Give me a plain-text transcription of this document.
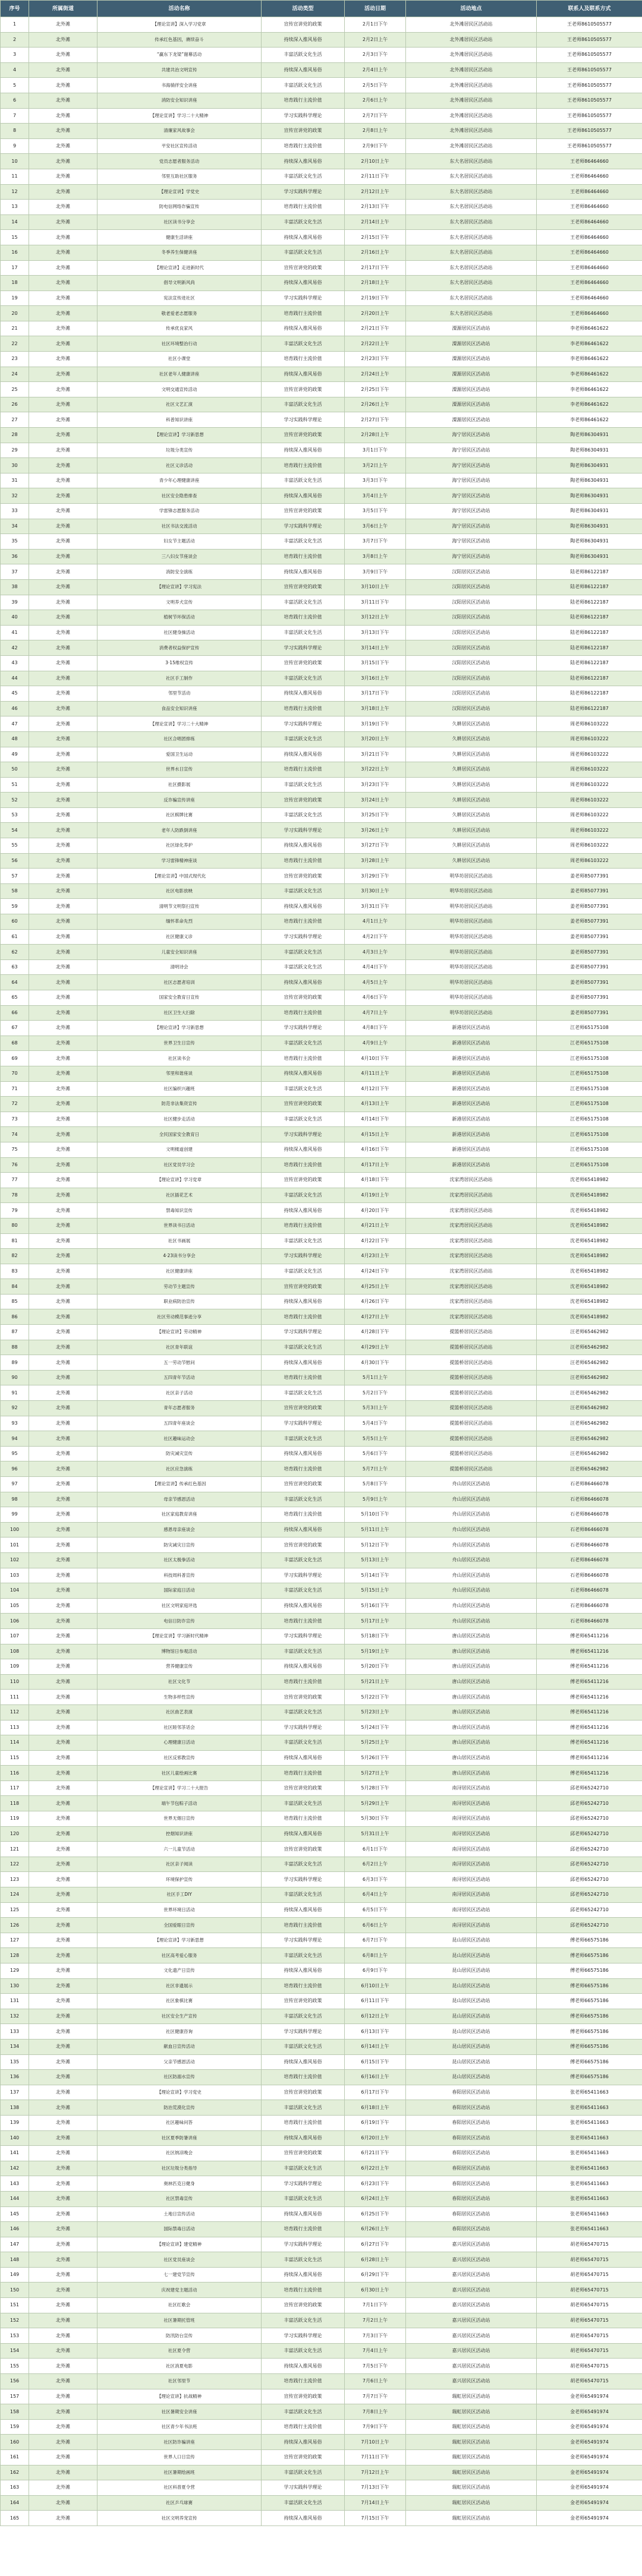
序号	所属街道	活动名称	活动类型	活动日期	活动地点	联系人及联系方式
1	北外滩	【理论宣讲】深入学习党章	宣传宣讲党的政策	2月1日下午	北外滩居民区活动站	王老师8610505577
2	北外滩	传承红色基因，赓续奋斗	持续深入推风易俗	2月2日上午	北外滩居民区活动站	王老师8610505577
3	北外滩	“赢东下龙梁”谢幕活动	丰富活跃文化生活	2月3日下午	北外滩居民区活动站	王老师8610505577
4	北外滩	共建共治文明宣传	持续深入推风易俗	2月4日上午	北外滩居民区活动站	王老师8610505577
5	北外滩	书海徜徉安全讲座	丰富活跃文化生活	2月5日下午	北外滩居民区活动站	王老师8610505577
6	北外滩	消防安全知识讲座	培育践行主流价值	2月6日上午	北外滩居民区活动站	王老师8610505577
7	北外滩	【理论宣讲】学习二十大精神	学习实践科学理论	2月7日下午	北外滩居民区活动站	王老师8610505577
8	北外滩	清廉家风故事会	宣传宣讲党的政策	2月8日上午	北外滩居民区活动站	王老师8610505577
9	北外滩	平安社区宣传活动	培育践行主流价值	2月9日下午	北外滩居民区活动站	王老师8610505577
10	北外滩	党员志愿者服务活动	持续深入推风易俗	2月10日上午	东大名居民区活动站	王老师86464660
11	北外滩	邻里互助社区服务	丰富活跃文化生活	2月11日下午	东大名居民区活动站	王老师86464660
12	北外滩	【理论宣讲】学党史	学习实践科学理论	2月12日上午	东大名居民区活动站	王老师86464660
13	北外滩	防电信网络诈骗宣传	培育践行主流价值	2月13日下午	东大名居民区活动站	王老师86464660
14	北外滩	社区读书分享会	丰富活跃文化生活	2月14日上午	东大名居民区活动站	王老师86464660
15	北外滩	健康生活讲座	持续深入推风易俗	2月15日下午	东大名居民区活动站	王老师86464660
16	北外滩	冬季养生保健讲座	丰富活跃文化生活	2月16日上午	东大名居民区活动站	王老师86464660
17	北外滩	【理论宣讲】走进新时代	宣传宣讲党的政策	2月17日下午	东大名居民区活动站	王老师86464660
18	北外滩	倡导文明新风尚	持续深入推风易俗	2月18日上午	东大名居民区活动站	王老师86464660
19	北外滩	宪法宣传进社区	学习实践科学理论	2月19日下午	东大名居民区活动站	王老师86464660
20	北外滩	敬老爱老志愿服务	培育践行主流价值	2月20日上午	东大名居民区活动站	王老师86464660
21	北外滩	传承优良家风	持续深入推风易俗	2月21日下午	溧源居民区活动站	李老师86461622
22	北外滩	社区环境整治行动	丰富活跃文化生活	2月22日上午	溧源居民区活动站	李老师86461622
23	北外滩	社区小课堂	培育践行主流价值	2月23日下午	溧源居民区活动站	李老师86461622
24	北外滩	社区老年人健康讲座	持续深入推风易俗	2月24日上午	溧源居民区活动站	李老师86461622
25	北外滩	文明交通宣传活动	宣传宣讲党的政策	2月25日下午	溧源居民区活动站	李老师86461622
26	北外滩	社区文艺汇演	丰富活跃文化生活	2月26日上午	溧源居民区活动站	李老师86461622
27	北外滩	科普知识讲座	学习实践科学理论	2月27日下午	溧源居民区活动站	李老师86461622
28	北外滩	【理论宣讲】学习新思想	宣传宣讲党的政策	2月28日上午	海宁居民区活动站	陶老师86304931
29	北外滩	垃圾分类宣传	持续深入推风易俗	3月1日下午	海宁居民区活动站	陶老师86304931
30	北外滩	社区义诊活动	培育践行主流价值	3月2日上午	海宁居民区活动站	陶老师86304931
31	北外滩	青少年心理健康讲座	丰富活跃文化生活	3月3日下午	海宁居民区活动站	陶老师86304931
32	北外滩	社区安全隐患排查	持续深入推风易俗	3月4日上午	海宁居民区活动站	陶老师86304931
33	北外滩	学雷锋志愿服务活动	宣传宣讲党的政策	3月5日下午	海宁居民区活动站	陶老师86304931
34	北外滩	社区书法交流活动	学习实践科学理论	3月6日上午	海宁居民区活动站	陶老师86304931
35	北外滩	妇女节主题活动	丰富活跃文化生活	3月7日下午	海宁居民区活动站	陶老师86304931
36	北外滩	三八妇女节座谈会	培育践行主流价值	3月8日上午	海宁居民区活动站	陶老师86304931
37	北外滩	消防安全演练	持续深入推风易俗	3月9日下午	汉阳居民区活动站	陆老师86122187
38	北外滩	【理论宣讲】学习宪法	宣传宣讲党的政策	3月10日上午	汉阳居民区活动站	陆老师86122187
39	北外滩	文明养犬宣传	丰富活跃文化生活	3月11日下午	汉阳居民区活动站	陆老师86122187
40	北外滩	植树节环保活动	培育践行主流价值	3月12日上午	汉阳居民区活动站	陆老师86122187
41	北外滩	社区健身操活动	丰富活跃文化生活	3月13日下午	汉阳居民区活动站	陆老师86122187
42	北外滩	消费者权益保护宣传	学习实践科学理论	3月14日上午	汉阳居民区活动站	陆老师86122187
43	北外滩	3·15维权宣传	宣传宣讲党的政策	3月15日下午	汉阳居民区活动站	陆老师86122187
44	北外滩	社区手工制作	丰富活跃文化生活	3月16日上午	汉阳居民区活动站	陆老师86122187
45	北外滩	邻里节活动	持续深入推风易俗	3月17日下午	汉阳居民区活动站	陆老师86122187
46	北外滩	食品安全知识讲座	培育践行主流价值	3月18日上午	汉阳居民区活动站	陆老师86122187
47	北外滩	【理论宣讲】学习二十大精神	学习实践科学理论	3月19日下午	久耕居民区活动站	周老师86103222
48	北外滩	社区合唱团排练	丰富活跃文化生活	3月20日上午	久耕居民区活动站	周老师86103222
49	北外滩	爱国卫生运动	持续深入推风易俗	3月21日下午	久耕居民区活动站	周老师86103222
50	北外滩	世界水日宣传	培育践行主流价值	3月22日上午	久耕居民区活动站	周老师86103222
51	北外滩	社区摄影展	丰富活跃文化生活	3月23日下午	久耕居民区活动站	周老师86103222
52	北外滩	反诈骗宣传讲座	宣传宣讲党的政策	3月24日上午	久耕居民区活动站	周老师86103222
53	北外滩	社区棋牌比赛	丰富活跃文化生活	3月25日下午	久耕居民区活动站	周老师86103222
54	北外滩	老年人防跌倒讲座	学习实践科学理论	3月26日上午	久耕居民区活动站	周老师86103222
55	北外滩	社区绿化养护	持续深入推风易俗	3月27日下午	久耕居民区活动站	周老师86103222
56	北外滩	学习雷锋精神座谈	培育践行主流价值	3月28日上午	久耕居民区活动站	周老师86103222
57	北外滩	【理论宣讲】中国式现代化	宣传宣讲党的政策	3月29日下午	明华坊居民区活动站	姜老师85077391
58	北外滩	社区电影放映	丰富活跃文化生活	3月30日上午	明华坊居民区活动站	姜老师85077391
59	北外滩	清明节文明祭扫宣传	持续深入推风易俗	3月31日下午	明华坊居民区活动站	姜老师85077391
60	北外滩	缅怀革命先烈	培育践行主流价值	4月1日上午	明华坊居民区活动站	姜老师85077391
61	北外滩	社区健康义诊	学习实践科学理论	4月2日下午	明华坊居民区活动站	姜老师85077391
62	北外滩	儿童安全知识讲座	丰富活跃文化生活	4月3日上午	明华坊居民区活动站	姜老师85077391
63	北外滩	清明诗会	丰富活跃文化生活	4月4日下午	明华坊居民区活动站	姜老师85077391
64	北外滩	社区志愿者培训	持续深入推风易俗	4月5日上午	明华坊居民区活动站	姜老师85077391
65	北外滩	国家安全教育日宣传	宣传宣讲党的政策	4月6日下午	明华坊居民区活动站	姜老师85077391
66	北外滩	社区卫生大扫除	培育践行主流价值	4月7日上午	明华坊居民区活动站	姜老师85077391
67	北外滩	【理论宣讲】学习新思想	学习实践科学理论	4月8日下午	新港居民区活动站	江老师65175108
68	北外滩	世界卫生日宣传	丰富活跃文化生活	4月9日上午	新港居民区活动站	江老师65175108
69	北外滩	社区读书会	培育践行主流价值	4月10日下午	新港居民区活动站	江老师65175108
70	北外滩	邻里和谐座谈	持续深入推风易俗	4月11日上午	新港居民区活动站	江老师65175108
71	北外滩	社区编织兴趣班	丰富活跃文化生活	4月12日下午	新港居民区活动站	江老师65175108
72	北外滩	防范非法集资宣传	宣传宣讲党的政策	4月13日上午	新港居民区活动站	江老师65175108
73	北外滩	社区健步走活动	丰富活跃文化生活	4月14日下午	新港居民区活动站	江老师65175108
74	北外滩	全民国家安全教育日	学习实践科学理论	4月15日上午	新港居民区活动站	江老师65175108
75	北外滩	文明楼道创建	持续深入推风易俗	4月16日下午	新港居民区活动站	江老师65175108
76	北外滩	社区党员学习会	培育践行主流价值	4月17日上午	新港居民区活动站	江老师65175108
77	北外滩	【理论宣讲】学习党章	宣传宣讲党的政策	4月18日下午	沈家湾居民区活动站	沈老师65418982
78	北外滩	社区插花艺术	丰富活跃文化生活	4月19日上午	沈家湾居民区活动站	沈老师65418982
79	北外滩	禁毒知识宣传	持续深入推风易俗	4月20日下午	沈家湾居民区活动站	沈老师65418982
80	北外滩	世界读书日活动	培育践行主流价值	4月21日上午	沈家湾居民区活动站	沈老师65418982
81	北外滩	社区书画展	丰富活跃文化生活	4月22日下午	沈家湾居民区活动站	沈老师65418982
82	北外滩	4·23读书分享会	学习实践科学理论	4月23日上午	沈家湾居民区活动站	沈老师65418982
83	北外滩	社区健康讲座	丰富活跃文化生活	4月24日下午	沈家湾居民区活动站	沈老师65418982
84	北外滩	劳动节主题宣传	宣传宣讲党的政策	4月25日上午	沈家湾居民区活动站	沈老师65418982
85	北外滩	职业病防治宣传	持续深入推风易俗	4月26日下午	沈家湾居民区活动站	沈老师65418982
86	北外滩	社区劳动模范事迹分享	培育践行主流价值	4月27日上午	沈家湾居民区活动站	沈老师65418982
87	北外滩	【理论宣讲】劳动精神	学习实践科学理论	4月28日下午	提篮桥居民区活动站	汪老师65462982
88	北外滩	社区青年联谊	丰富活跃文化生活	4月29日上午	提篮桥居民区活动站	汪老师65462982
89	北外滩	五一劳动节慰问	持续深入推风易俗	4月30日下午	提篮桥居民区活动站	汪老师65462982
90	北外滩	五四青年节活动	培育践行主流价值	5月1日上午	提篮桥居民区活动站	汪老师65462982
91	北外滩	社区亲子活动	丰富活跃文化生活	5月2日下午	提篮桥居民区活动站	汪老师65462982
92	北外滩	青年志愿者服务	宣传宣讲党的政策	5月3日上午	提篮桥居民区活动站	汪老师65462982
93	北外滩	五四青年座谈会	学习实践科学理论	5月4日下午	提篮桥居民区活动站	汪老师65462982
94	北外滩	社区趣味运动会	丰富活跃文化生活	5月5日上午	提篮桥居民区活动站	汪老师65462982
95	北外滩	防灾减灾宣传	持续深入推风易俗	5月6日下午	提篮桥居民区活动站	汪老师65462982
96	北外滩	社区应急演练	培育践行主流价值	5月7日上午	提篮桥居民区活动站	汪老师65462982
97	北外滩	【理论宣讲】传承红色基因	宣传宣讲党的政策	5月8日下午	舟山居民区活动站	石老师86466078
98	北外滩	母亲节感恩活动	丰富活跃文化生活	5月9日上午	舟山居民区活动站	石老师86466078
99	北外滩	社区家庭教育讲座	培育践行主流价值	5月10日下午	舟山居民区活动站	石老师86466078
100	北外滩	感恩母亲座谈会	持续深入推风易俗	5月11日上午	舟山居民区活动站	石老师86466078
101	北外滩	防灾减灾日宣传	宣传宣讲党的政策	5月12日下午	舟山居民区活动站	石老师86466078
102	北外滩	社区太极拳活动	丰富活跃文化生活	5月13日上午	舟山居民区活动站	石老师86466078
103	北外滩	科技周科普宣传	学习实践科学理论	5月14日下午	舟山居民区活动站	石老师86466078
104	北外滩	国际家庭日活动	丰富活跃文化生活	5月15日上午	舟山居民区活动站	石老师86466078
105	北外滩	社区文明家庭评选	持续深入推风易俗	5月16日下午	舟山居民区活动站	石老师86466078
106	北外滩	电信日防诈宣传	培育践行主流价值	5月17日上午	舟山居民区活动站	石老师86466078
107	北外滩	【理论宣讲】学习新时代精神	学习实践科学理论	5月18日下午	唐山居民区活动站	傅老师65411216
108	北外滩	博物馆日参观活动	丰富活跃文化生活	5月19日上午	唐山居民区活动站	傅老师65411216
109	北外滩	营养健康宣传	持续深入推风易俗	5月20日下午	唐山居民区活动站	傅老师65411216
110	北外滩	社区文化节	培育践行主流价值	5月21日上午	唐山居民区活动站	傅老师65411216
111	北外滩	生物多样性宣传	宣传宣讲党的政策	5月22日下午	唐山居民区活动站	傅老师65411216
112	北外滩	社区曲艺表演	丰富活跃文化生活	5月23日上午	唐山居民区活动站	傅老师65411216
113	北外滩	社区睦邻茶话会	学习实践科学理论	5月24日下午	唐山居民区活动站	傅老师65411216
114	北外滩	心理健康日活动	丰富活跃文化生活	5月25日上午	唐山居民区活动站	傅老师65411216
115	北外滩	社区反邪教宣传	持续深入推风易俗	5月26日下午	唐山居民区活动站	傅老师65411216
116	北外滩	社区儿童绘画比赛	培育践行主流价值	5月27日上午	唐山居民区活动站	傅老师65411216
117	北外滩	【理论宣讲】学习二十大报告	宣传宣讲党的政策	5月28日下午	南浔居民区活动站	邱老师65242710
118	北外滩	端午节包粽子活动	丰富活跃文化生活	5月29日上午	南浔居民区活动站	邱老师65242710
119	北外滩	世界无烟日宣传	培育践行主流价值	5月30日下午	南浔居民区活动站	邱老师65242710
120	北外滩	控烟知识讲座	持续深入推风易俗	5月31日上午	南浔居民区活动站	邱老师65242710
121	北外滩	六一儿童节活动	宣传宣讲党的政策	6月1日下午	南浔居民区活动站	邱老师65242710
122	北外滩	社区亲子阅读	丰富活跃文化生活	6月2日上午	南浔居民区活动站	邱老师65242710
123	北外滩	环境保护宣传	学习实践科学理论	6月3日下午	南浔居民区活动站	邱老师65242710
124	北外滩	社区手工DIY	丰富活跃文化生活	6月4日上午	南浔居民区活动站	邱老师65242710
125	北外滩	世界环境日活动	持续深入推风易俗	6月5日下午	南浔居民区活动站	邱老师65242710
126	北外滩	全国爱眼日宣传	培育践行主流价值	6月6日上午	南浔居民区活动站	邱老师65242710
127	北外滩	【理论宣讲】学习新思想	学习实践科学理论	6月7日下午	昆山居民区活动站	傅老师66575186
128	北外滩	社区高考爱心服务	丰富活跃文化生活	6月8日上午	昆山居民区活动站	傅老师66575186
129	北外滩	文化遗产日宣传	持续深入推风易俗	6月9日下午	昆山居民区活动站	傅老师66575186
130	北外滩	社区非遗展示	培育践行主流价值	6月10日上午	昆山居民区活动站	傅老师66575186
131	北外滩	社区象棋比赛	宣传宣讲党的政策	6月11日下午	昆山居民区活动站	傅老师66575186
132	北外滩	社区安全生产宣传	丰富活跃文化生活	6月12日上午	昆山居民区活动站	傅老师66575186
133	北外滩	社区健康咨询	学习实践科学理论	6月13日下午	昆山居民区活动站	傅老师66575186
134	北外滩	献血日宣传活动	丰富活跃文化生活	6月14日上午	昆山居民区活动站	傅老师66575186
135	北外滩	父亲节感恩活动	持续深入推风易俗	6月15日下午	昆山居民区活动站	傅老师66575186
136	北外滩	社区防溺水宣传	培育践行主流价值	6月16日上午	昆山居民区活动站	傅老师66575186
137	北外滩	【理论宣讲】学习党史	宣传宣讲党的政策	6月17日下午	春阳居民区活动站	张老师65411663
138	北外滩	防治荒漠化宣传	丰富活跃文化生活	6月18日上午	春阳居民区活动站	张老师65411663
139	北外滩	社区趣味问答	培育践行主流价值	6月19日下午	春阳居民区活动站	张老师65411663
140	北外滩	社区夏季防暑讲座	持续深入推风易俗	6月20日上午	春阳居民区活动站	张老师65411663
141	北外滩	社区纳凉晚会	宣传宣讲党的政策	6月21日下午	春阳居民区活动站	张老师65411663
142	北外滩	社区垃圾分类指导	丰富活跃文化生活	6月22日上午	春阳居民区活动站	张老师65411663
143	北外滩	奥林匹克日健身	学习实践科学理论	6月23日下午	春阳居民区活动站	张老师65411663
144	北外滩	社区禁毒宣传	丰富活跃文化生活	6月24日上午	春阳居民区活动站	张老师65411663
145	北外滩	土地日宣传活动	持续深入推风易俗	6月25日下午	春阳居民区活动站	张老师65411663
146	北外滩	国际禁毒日活动	培育践行主流价值	6月26日上午	春阳居民区活动站	张老师65411663
147	北外滩	【理论宣讲】建党精神	学习实践科学理论	6月27日下午	嘉兴居民区活动站	胡老师65470715
148	北外滩	社区党员座谈会	丰富活跃文化生活	6月28日上午	嘉兴居民区活动站	胡老师65470715
149	北外滩	七一建党节宣传	持续深入推风易俗	6月29日下午	嘉兴居民区活动站	胡老师65470715
150	北外滩	庆祝建党主题活动	培育践行主流价值	6月30日上午	嘉兴居民区活动站	胡老师65470715
151	北外滩	社区红歌会	宣传宣讲党的政策	7月1日下午	嘉兴居民区活动站	胡老师65470715
152	北外滩	社区暑期托管班	丰富活跃文化生活	7月2日上午	嘉兴居民区活动站	胡老师65470715
153	北外滩	防汛防台宣传	学习实践科学理论	7月3日下午	嘉兴居民区活动站	胡老师65470715
154	北外滩	社区夏令营	丰富活跃文化生活	7月4日上午	嘉兴居民区活动站	胡老师65470715
155	北外滩	社区消夏电影	持续深入推风易俗	7月5日下午	嘉兴居民区活动站	胡老师65470715
156	北外滩	社区邻里节	培育践行主流价值	7月6日上午	嘉兴居民区活动站	胡老师65470715
157	北外滩	【理论宣讲】抗战精神	宣传宣讲党的政策	7月7日下午	瑞虹居民区活动站	金老师65491974
158	北外滩	社区暑期安全讲座	丰富活跃文化生活	7月8日上午	瑞虹居民区活动站	金老师65491974
159	北外滩	社区青少年书法班	培育践行主流价值	7月9日下午	瑞虹居民区活动站	金老师65491974
160	北外滩	社区防诈骗讲座	持续深入推风易俗	7月10日上午	瑞虹居民区活动站	金老师65491974
161	北外滩	世界人口日宣传	宣传宣讲党的政策	7月11日下午	瑞虹居民区活动站	金老师65491974
162	北外滩	社区暑期绘画班	丰富活跃文化生活	7月12日上午	瑞虹居民区活动站	金老师65491974
163	北外滩	社区科普夏令营	学习实践科学理论	7月13日下午	瑞虹居民区活动站	金老师65491974
164	北外滩	社区乒乓球赛	丰富活跃文化生活	7月14日上午	瑞虹居民区活动站	金老师65491974
165	北外滩	社区文明养宠宣传	持续深入推风易俗	7月15日下午	瑞虹居民区活动站	金老师65491974
